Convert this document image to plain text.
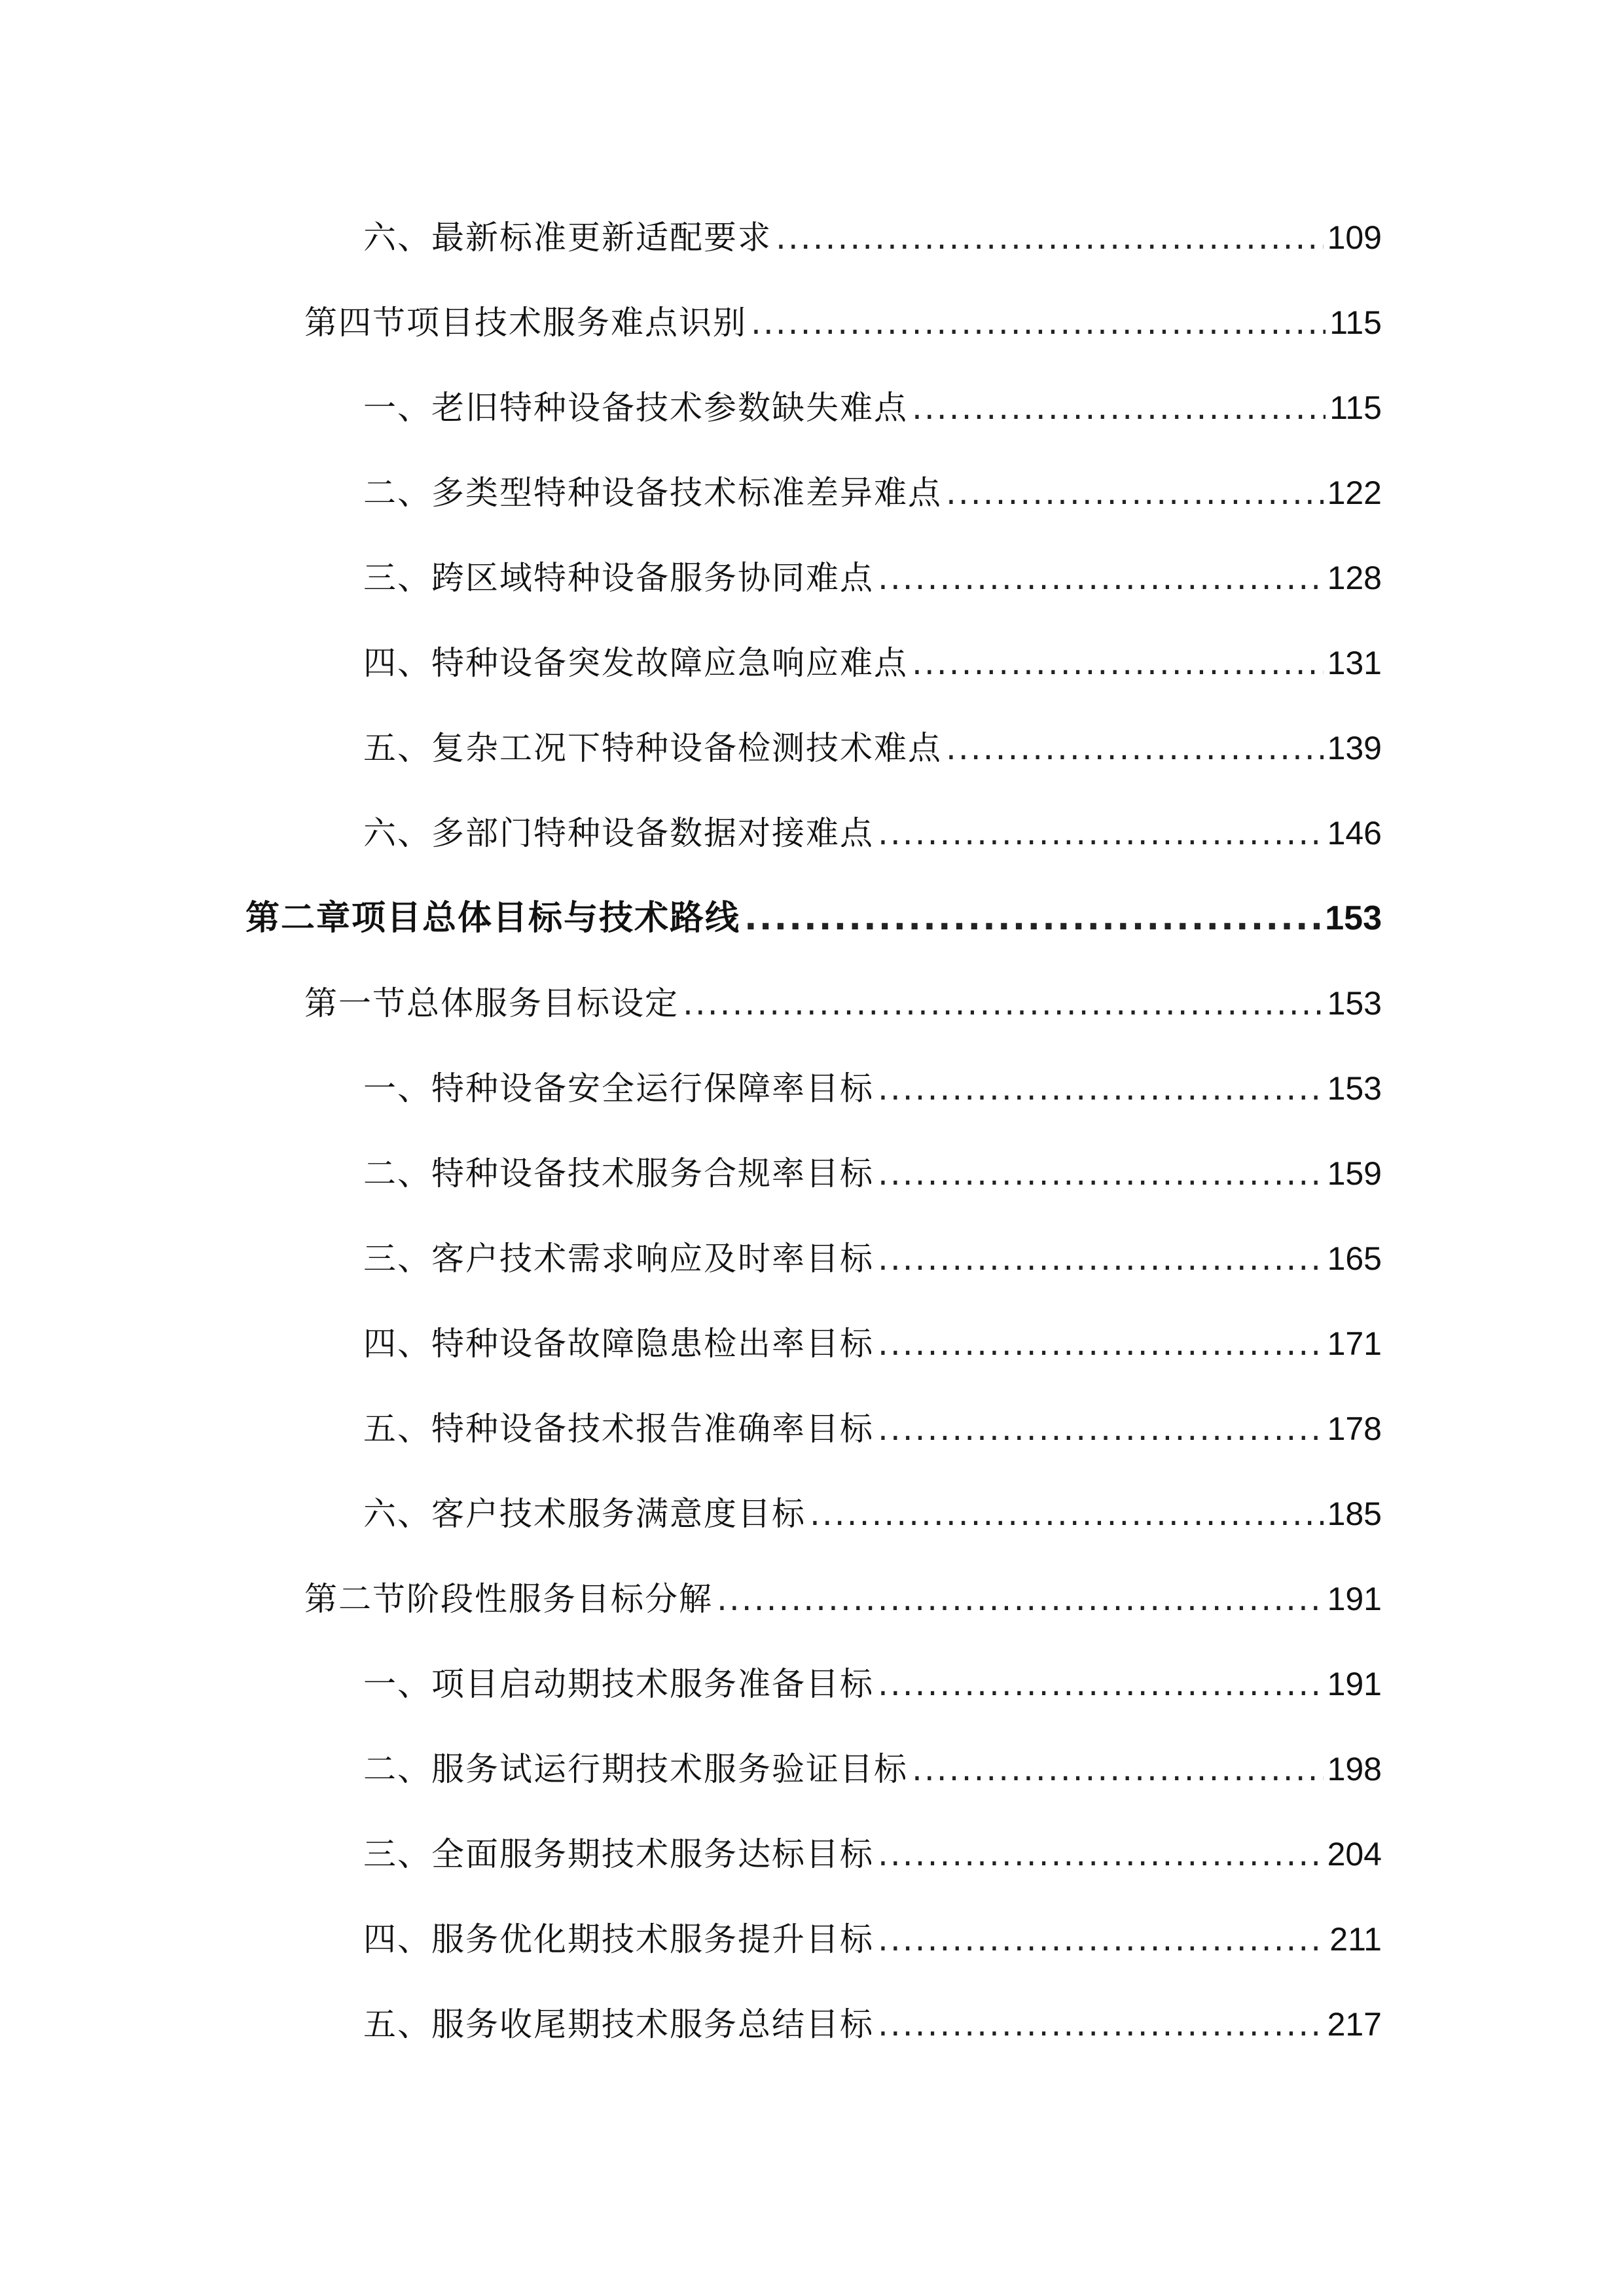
六、最新标准更新适配要求 .....	109
第四节项目技术服务难点识别 .....	115
一、老旧特种设备技术参数缺失难点 .....	115
二、多类型特种设备技术标准差异难点 .....	122
三、跨区域特种设备服务协同难点 .....	128
四、特种设备突发故障应急响应难点 .....	131
五、复杂工况下特种设备检测技术难点 .....	139
六、多部门特种设备数据对接难点 .....	146
第二章项目总体目标与技术路线 .....	153
第一节总体服务目标设定 .....	153
一、特种设备安全运行保障率目标 .....	153
二、特种设备技术服务合规率目标 .....	159
三、客户技术需求响应及时率目标 .....	165
四、特种设备故障隐患检出率目标 .....	171
五、特种设备技术报告准确率目标 .....	178
六、客户技术服务满意度目标 .....	185
第二节阶段性服务目标分解 .....	191
一、项目启动期技术服务准备目标 .....	191
二、服务试运行期技术服务验证目标 .....	198
三、全面服务期技术服务达标目标 .....	204
四、服务优化期技术服务提升目标 .....	211
五、服务收尾期技术服务总结目标 .....	217
